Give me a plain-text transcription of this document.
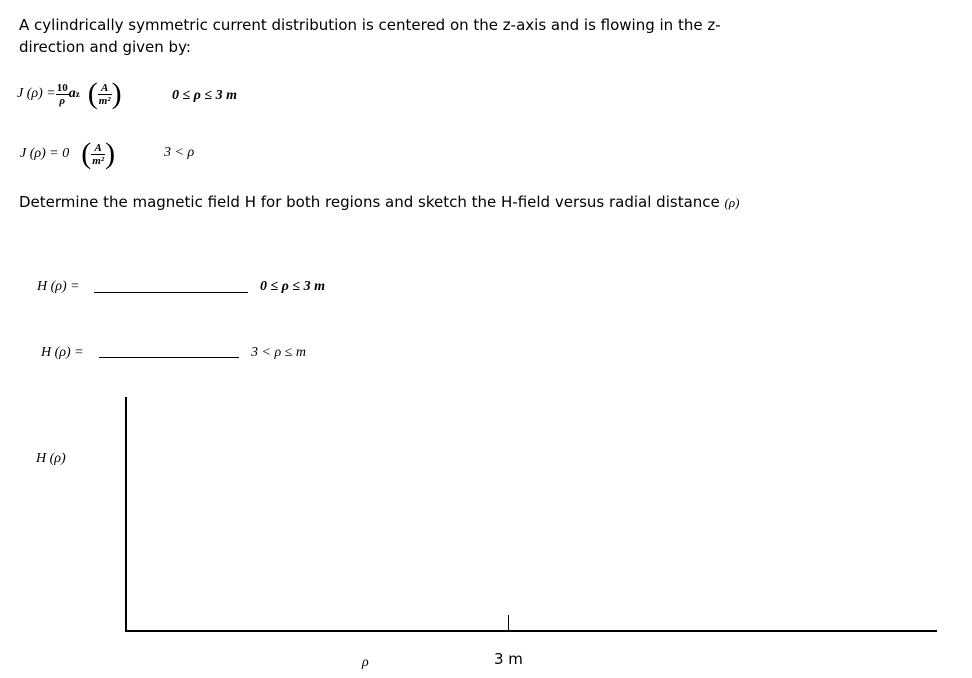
A cylindrically symmetric current distribution is centered on the z-axis and is flowing in the z-
direction and given by:
J $(\rho) = \frac{10}{\rho}$ a z ( $\frac{A}{\text{m²}}$ )	0 ≤ ρ ≤ 3 m
J (ρ) = 0 ( $\frac{A}{\text{m²}}$ )	3 < ρ
Determine the magnetic field H for both regions and sketch the H-field versus radial distance (ρ)
H (ρ) =	0 ≤ ρ ≤ 3 m
H (ρ) =	3 < ρ ≤ m
H (ρ)
3 m
ρ
